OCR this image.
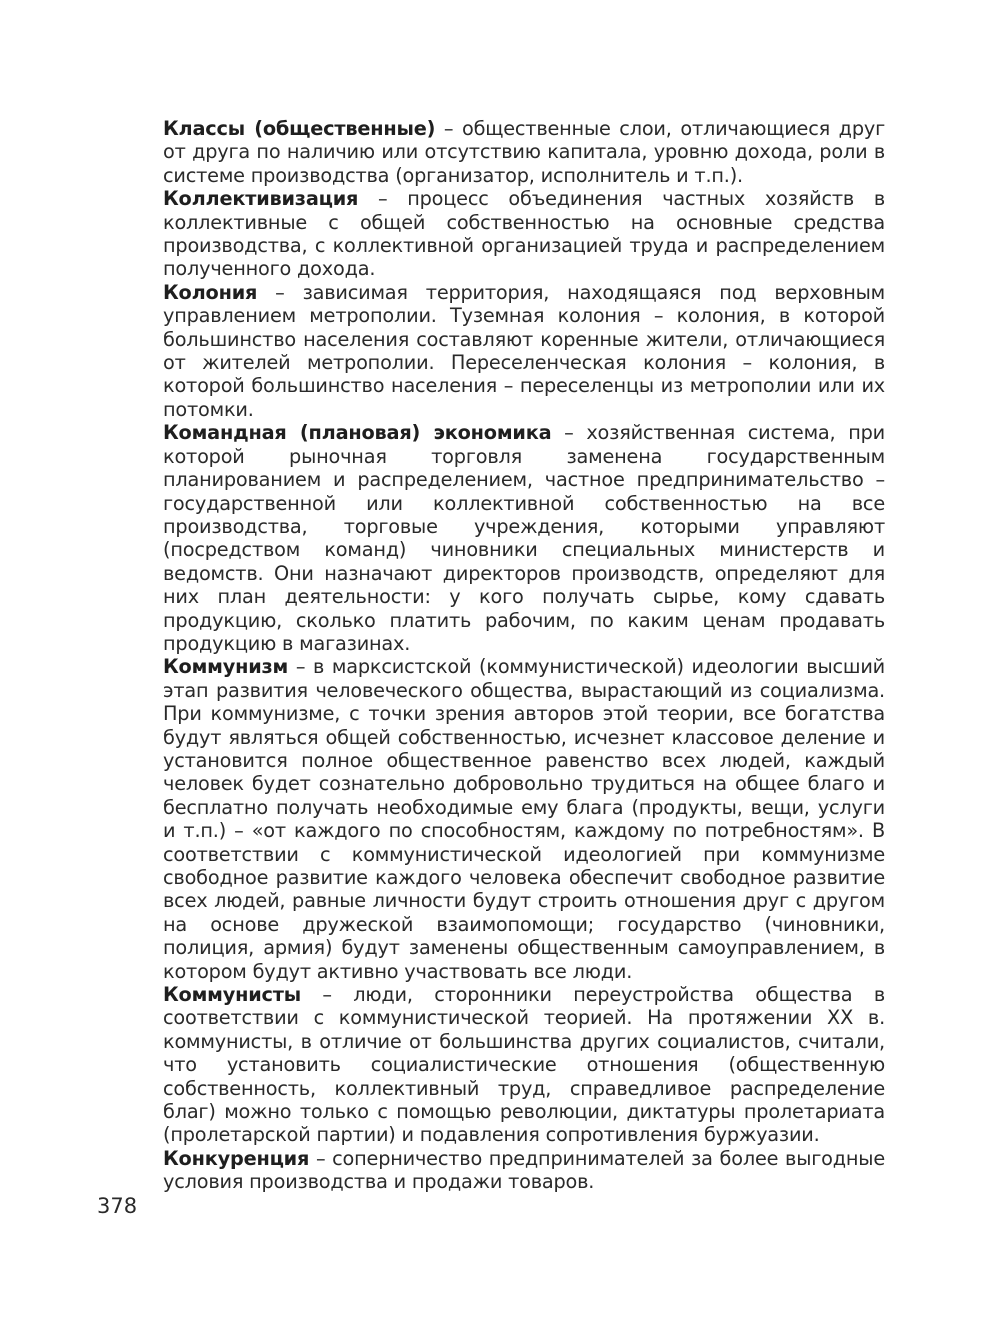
Классы (общественные) – общественные слои, отличающиеся друг от друга по наличию или отсутствию капитала, уровню дохода, роли в системе производства (организатор, исполнитель и т.п.).

Коллективизация – процесс объединения частных хозяйств в коллективные с общей собственностью на основные средства производства, с коллективной организацией труда и распределением полученного дохода.

Колония – зависимая территория, находящаяся под верховным управлением метрополии. Туземная колония – колония, в которой большинство населения составляют коренные жители, отличающиеся от жителей метрополии. Переселенческая колония – колония, в которой большинство населения – переселенцы из метрополии или их потомки.

Командная (плановая) экономика – хозяйственная система, при которой рыночная торговля заменена государственным планированием и распределением, частное предпринимательство – государственной или коллективной собственностью на все производства, торговые учреждения, которыми управляют (посредством команд) чиновники специальных министерств и ведомств. Они назначают директоров производств, определяют для них план деятельности: у кого получать сырье, кому сдавать продукцию, сколько платить рабочим, по каким ценам продавать продукцию в магазинах.

Коммунизм – в марксистской (коммунистической) идеологии высший этап развития человеческого общества, вырастающий из социализма. При коммунизме, с точки зрения авторов этой теории, все богатства будут являться общей собственностью, исчезнет классовое деление и установится полное общественное равенство всех людей, каждый человек будет сознательно добровольно трудиться на общее благо и бесплатно получать необходимые ему блага (продукты, вещи, услуги и т.п.) – «от каждого по способностям, каждому по потребностям». В соответствии с коммунистической идеологией при коммунизме свободное развитие каждого человека обеспечит свободное развитие всех людей, равные личности будут строить отношения друг с другом на основе дружеской взаимопомощи; государство (чиновники, полиция, армия) будут заменены общественным самоуправлением, в котором будут активно участвовать все люди.

Коммунисты – люди, сторонники переустройства общества в соответствии с коммунистической теорией. На протяжении XX в. коммунисты, в отличие от большинства других социалистов, считали, что установить социалистические отношения (общественную собственность, коллективный труд, справедливое распределение благ) можно только с помощью революции, диктатуры пролетариата (пролетарской партии) и подавления сопротивления буржуазии.

Конкуренция – соперничество предпринимателей за более выгодные условия производства и продажи товаров.

378
